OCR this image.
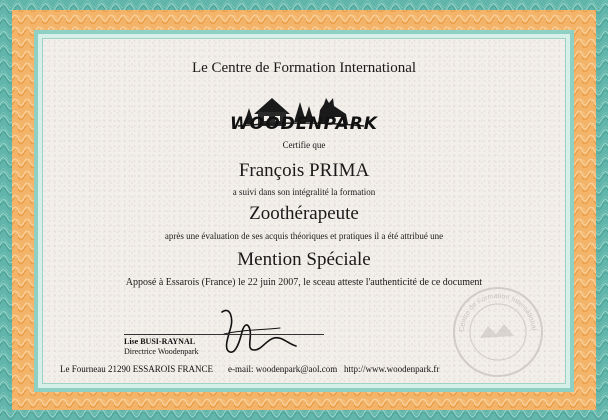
Le Centre de Formation International
WOODENPARK
Certifie que
François PRIMA
a suivi dans son intégralité la formation
Zoothérapeute
après une évaluation de ses acquis théoriques et pratiques il a été attribué une
Mention Spéciale
Apposé à Essarois (France) le 22 juin 2007, le sceau atteste l'authenticité de ce document
Lise BUSI-RAYNAL
Directrice Woodenpark
Le Fourneau 21290 ESSAROIS FRANCE e-mail: woodenpark@aol.com http://www.woodenpark.fr
Centre de Formation International
